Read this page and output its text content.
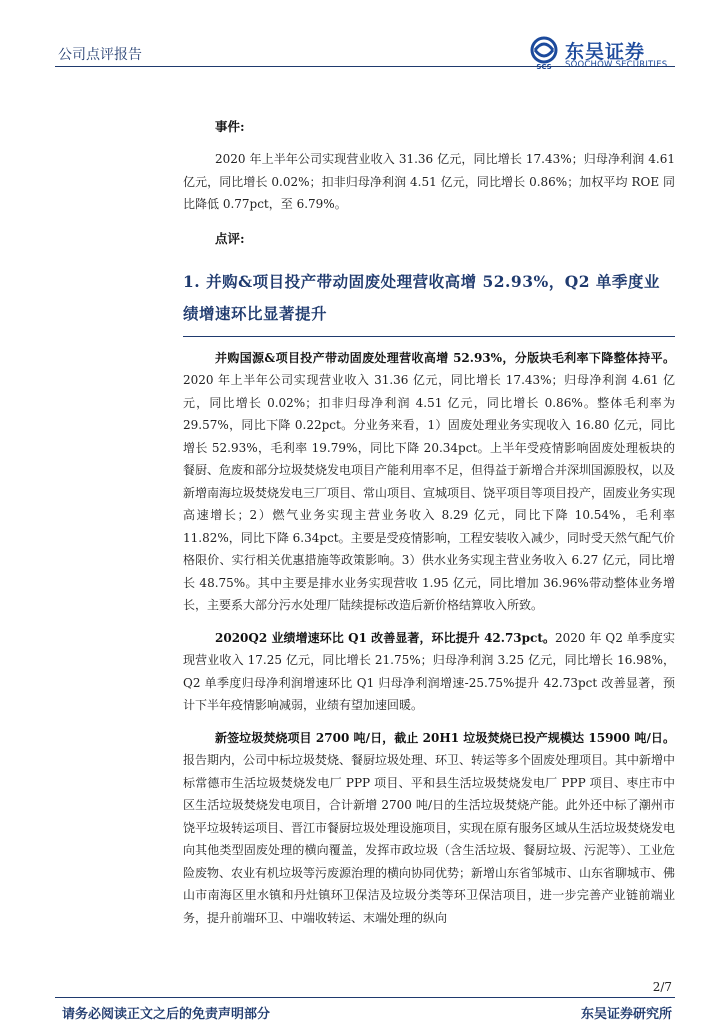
公司点评报告
SCS
东吴证券
SOOCHOW SECURITIES
事件:

2020 年上半年公司实现营业收入 31.36 亿元，同比增长 17.43%；归母净利润 4.61 亿元，同比增长 0.02%；扣非归母净利润 4.51 亿元，同比增长 0.86%；加权平均 ROE 同比降低 0.77pct，至 6.79%。

点评:
1. 并购&项目投产带动固废处理营收高增 52.93%，Q2 单季度业绩增速环比显著提升

并购国源&项目投产带动固废处理营收高增 52.93%，分版块毛利率下降整体持平。2020 年上半年公司实现营业收入 31.36 亿元，同比增长 17.43%；归母净利润 4.61 亿元，同比增长 0.02%；扣非归母净利润 4.51 亿元，同比增长 0.86%。整体毛利率为 29.57%，同比下降 0.22pct。分业务来看，1）固废处理业务实现收入 16.80 亿元，同比增长 52.93%，毛利率 19.79%，同比下降 20.34pct。上半年受疫情影响固废处理板块的餐厨、危废和部分垃圾焚烧发电项目产能利用率不足，但得益于新增合并深圳国源股权，以及新增南海垃圾焚烧发电三厂项目、常山项目、宣城项目、饶平项目等项目投产，固废业务实现高速增长；2）燃气业务实现主营业务收入 8.29 亿元，同比下降 10.54%，毛利率 11.82%，同比下降 6.34pct。主要是受疫情影响，工程安装收入减少，同时受天然气配气价格限价、实行相关优惠措施等政策影响。3）供水业务实现主营业务收入 6.27 亿元，同比增长 48.75%。其中主要是排水业务实现营收 1.95 亿元，同比增加 36.96%带动整体业务增长，主要系大部分污水处理厂陆续提标改造后新价格结算收入所致。

2020Q2 业绩增速环比 Q1 改善显著，环比提升 42.73pct。2020 年 Q2 单季度实现营业收入 17.25 亿元，同比增长 21.75%；归母净利润 3.25 亿元，同比增长 16.98%，Q2 单季度归母净利润增速环比 Q1 归母净利润增速-25.75%提升 42.73pct 改善显著，预计下半年疫情影响减弱，业绩有望加速回暖。

新签垃圾焚烧项目 2700 吨/日，截止 20H1 垃圾焚烧已投产规模达 15900 吨/日。报告期内，公司中标垃圾焚烧、餐厨垃圾处理、环卫、转运等多个固废处理项目。其中新增中标常德市生活垃圾焚烧发电厂 PPP 项目、平和县生活垃圾焚烧发电厂 PPP 项目、枣庄市中区生活垃圾焚烧发电项目，合计新增 2700 吨/日的生活垃圾焚烧产能。此外还中标了潮州市饶平垃圾转运项目、晋江市餐厨垃圾处理设施项目，实现在原有服务区域从生活垃圾焚烧发电向其他类型固废处理的横向覆盖，发挥市政垃圾（含生活垃圾、餐厨垃圾、污泥等）、工业危险废物、农业有机垃圾等污废源治理的横向协同优势；新增山东省邹城市、山东省聊城市、佛山市南海区里水镇和丹灶镇环卫保洁及垃圾分类等环卫保洁项目，进一步完善产业链前端业务，提升前端环卫、中端收转运、末端处理的纵向

2/7
请务必阅读正文之后的免责声明部分	东吴证券研究所
